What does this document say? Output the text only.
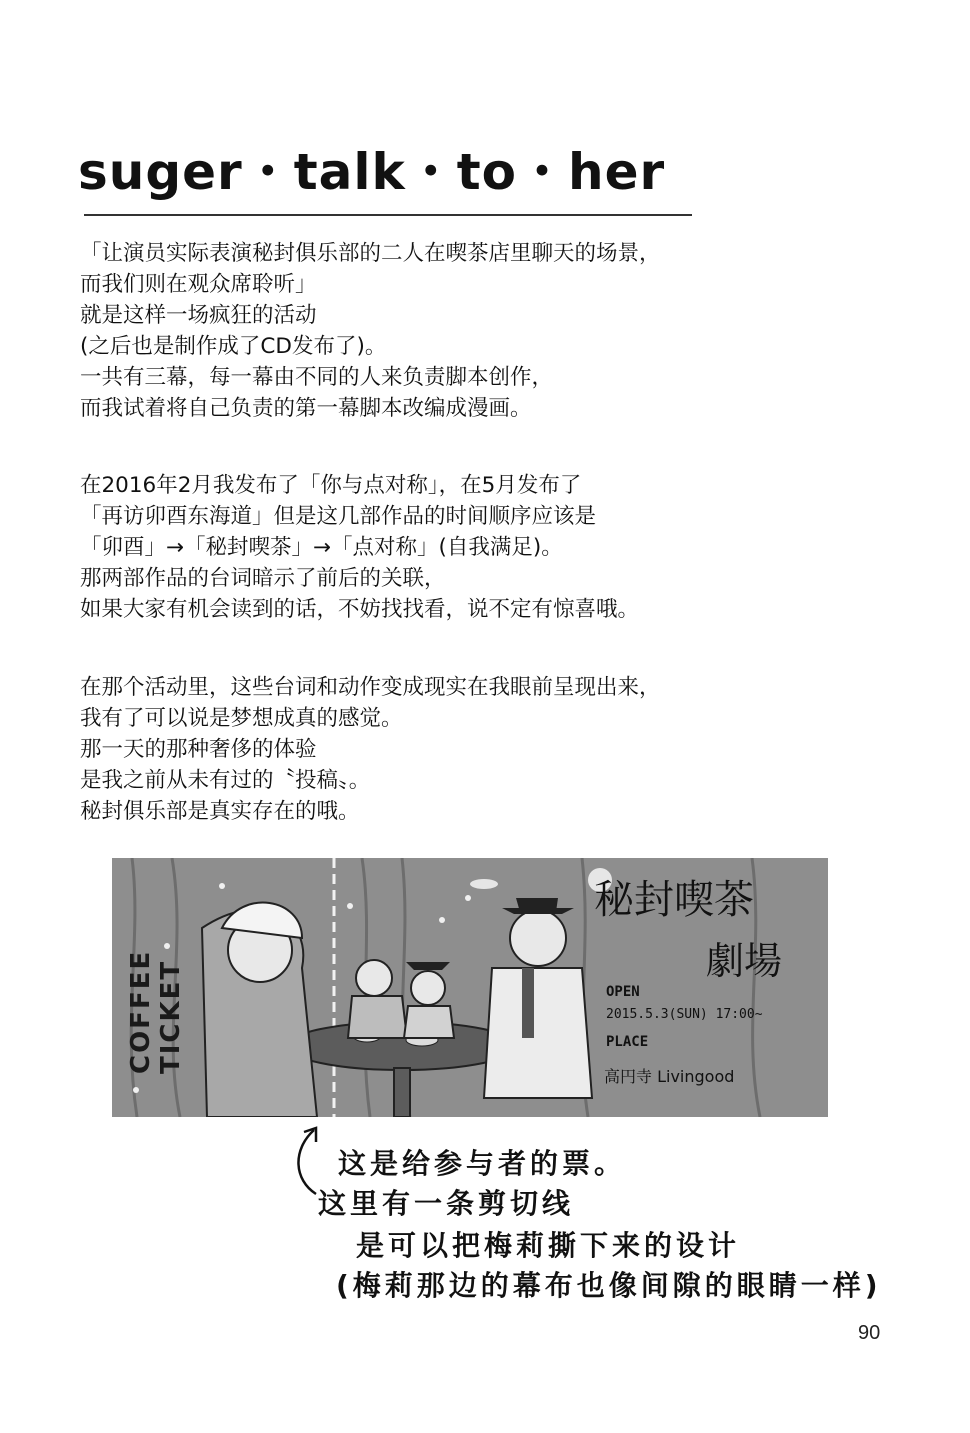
suger・talk・to・her
「让演员实际表演秘封俱乐部的二人在喫茶店里聊天的场景，
而我们则在观众席聆听」
就是这样一场疯狂的活动
(之后也是制作成了CD发布了)。
一共有三幕，每一幕由不同的人来负责脚本创作，
而我试着将自己负责的第一幕脚本改编成漫画。
在2016年2月我发布了「你与点对称」，在5月发布了
「再访卯酉东海道」但是这几部作品的时间顺序应该是
「卯酉」→「秘封喫茶」→「点对称」(自我满足)。
那两部作品的台词暗示了前后的关联，
如果大家有机会读到的话，不妨找找看，说不定有惊喜哦。
在那个活动里，这些台词和动作变成现实在我眼前呈现出来，
我有了可以说是梦想成真的感觉。
那一天的那种奢侈的体验
是我之前从未有过的〝投稿〟。
秘封俱乐部是真实存在的哦。
COFFEE TICKET
秘封喫茶
劇場
OPEN
2015.5.3(SUN) 17:00~
PLACE
高円寺 Livingood
这是给参与者的票。
这里有一条剪切线
是可以把梅莉撕下来的设计
(梅莉那边的幕布也像间隙的眼睛一样)
90
